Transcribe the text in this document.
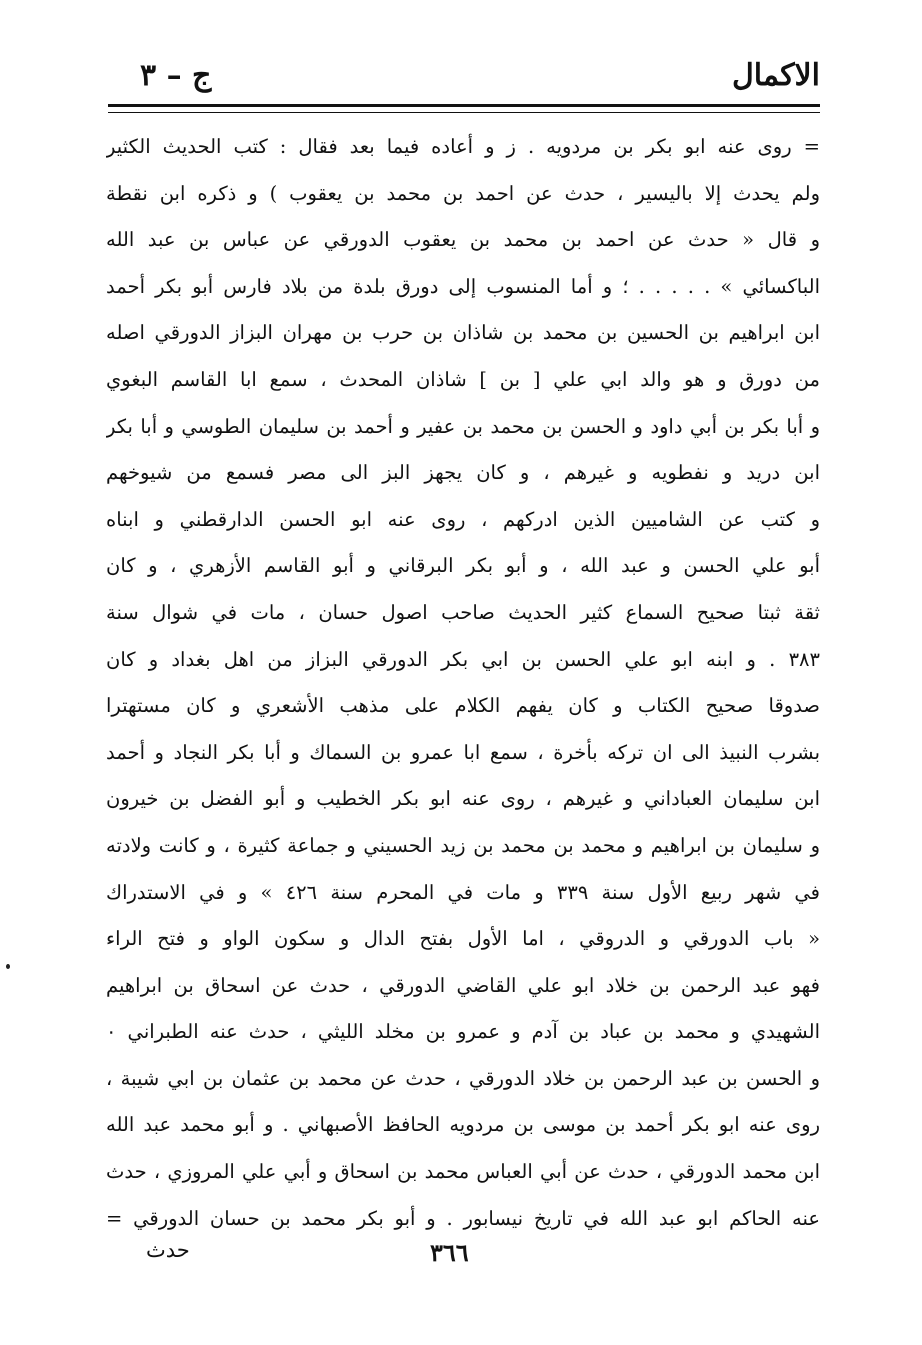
الاكمال
ج – ٣
= روى عنه ابو بكر بن مردويه . ز و أعاده فيما بعد فقال : كتب الحديث الكثير
ولم يحدث إلا باليسير ، حدث عن احمد بن محمد بن يعقوب ) و ذكره ابن نقطة
و قال « حدث عن احمد بن محمد بن يعقوب الدورقي عن عباس بن عبد الله
الباكسائي » . . . . . ؛ و أما المنسوب إلى دورق بلدة من بلاد فارس أبو بكر أحمد
ابن ابراهيم بن الحسين بن محمد بن شاذان بن حرب بن مهران البزاز الدورقي اصله
من دورق و هو والد ابي علي [ بن ] شاذان المحدث ، سمع ابا القاسم البغوي
و أبا بكر بن أبي داود و الحسن بن محمد بن عفير و أحمد بن سليمان الطوسي و أبا بكر
ابن دريد و نفطويه و غيرهم ، و كان يجهز البز الى مصر فسمع من شيوخهم
و كتب عن الشاميين الذين ادركهم ، روى عنه ابو الحسن الدارقطني و ابناه
أبو علي الحسن و عبد الله ، و أبو بكر البرقاني و أبو القاسم الأزهري ، و كان
ثقة ثبتا صحيح السماع كثير الحديث صاحب اصول حسان ، مات في شوال سنة
٣٨٣ . و ابنه ابو علي الحسن بن ابي بكر الدورقي البزاز من اهل بغداد و كان
صدوقا صحيح الكتاب و كان يفهم الكلام على مذهب الأشعري و كان مستهترا
بشرب النبيذ الى ان تركه بأخرة ، سمع ابا عمرو بن السماك و أبا بكر النجاد و أحمد
ابن سليمان العباداني و غيرهم ، روى عنه ابو بكر الخطيب و أبو الفضل بن خيرون
و سليمان بن ابراهيم و محمد بن محمد بن زيد الحسيني و جماعة كثيرة ، و كانت ولادته
في شهر ربيع الأول سنة ٣٣٩ و مات في المحرم سنة ٤٢٦ » و في الاستدراك
« باب الدورقي و الدروقي ، اما الأول بفتح الدال و سكون الواو و فتح الراء
فهو عبد الرحمن بن خلاد ابو علي القاضي الدورقي ، حدث عن اسحاق بن ابراهيم
الشهيدي و محمد بن عباد بن آدم و عمرو بن مخلد الليثي ، حدث عنه الطبراني ٠
و الحسن بن عبد الرحمن بن خلاد الدورقي ، حدث عن محمد بن عثمان بن ابي شيبة ،
روى عنه ابو بكر أحمد بن موسى بن مردويه الحافظ الأصبهاني . و أبو محمد عبد الله
ابن محمد الدورقي ، حدث عن أبي العباس محمد بن اسحاق و أبي علي المروزي ، حدث
عنه الحاكم ابو عبد الله في تاريخ نيسابور . و أبو بكر محمد بن حسان الدورقي =
٣٦٦
حدث
